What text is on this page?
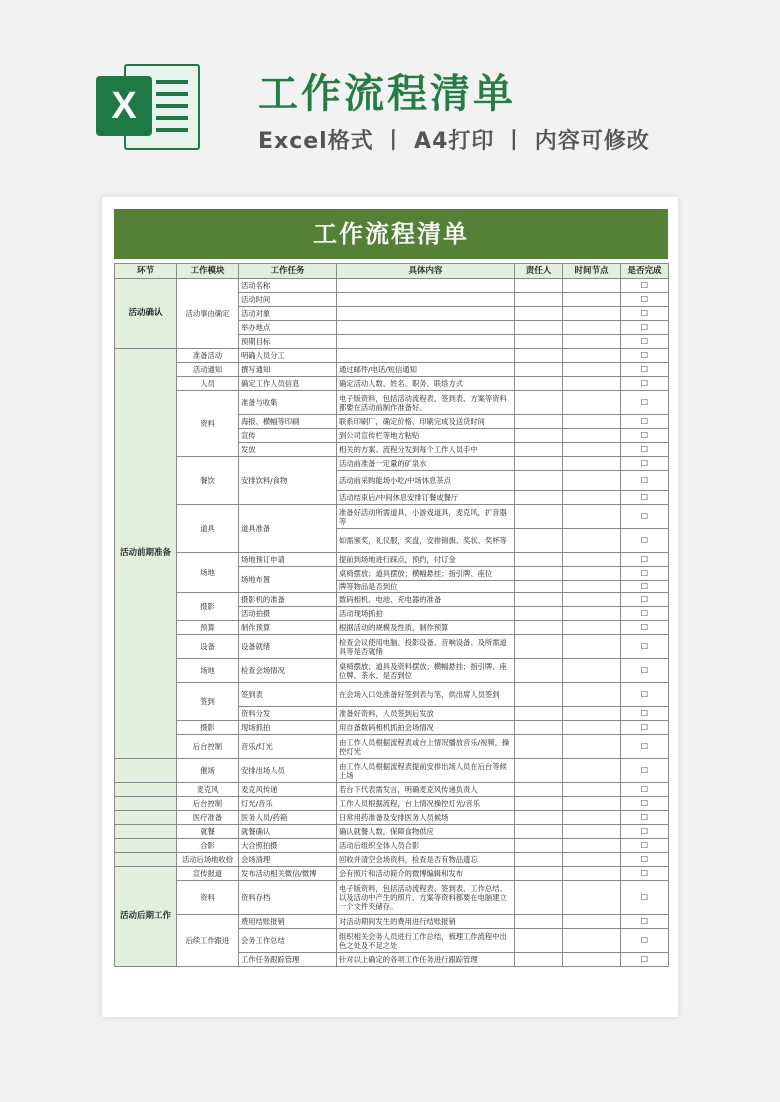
X	工作流程清单
Excel格式 丨 A4打印 丨 内容可修改
工作流程清单
环节	工作模块	工作任务	具体内容	责任人	时间节点	是否完成
活动确认	活动事由确定	活动名称				☐
		活动时间				☐
		活动对象				☐
		举办地点				☐
		预期目标				☐
活动前期准备	准备活动	明确人员分工				☐
	活动通知	撰写通知	通过邮件/电话/短信通知			☐
	人员	确定工作人员信息	确定活动人数、姓名、职务、联络方式			☐
	资料	准备与收集	电子版资料，包括活动流程表、签到表、方案等资料都要在活动前制作准备好。			☐
		海报、横幅等印刷	联系印刷厂，确定价格、印刷完成及送货时间			☐
		宣传	到公司宣传栏等地方粘贴			☐
		发放	相关的方案、流程分发到每个工作人员手中			☐
	餐饮	安排饮料/食物	活动前准备一定量的矿泉水			☐
			活动前采购能场小吃/中场休息茶点			☐
			活动结束后/中间休息安排订餐或餐厅			☐
	道具	道具准备	准备好活动所需道具，小游戏道具，麦克风，扩音器等			☐
			如需颁奖，礼仪服，奖盘，安排锦旗、奖状、奖杯等			☐
	场地	场地预订申请	提前到场地进行踩点，预约，付订金			☐
		场地布置	桌椅摆放；道具摆放；横幅悬挂；指引牌、座位			☐
			牌等物品是否到位			☐
	摄影	摄影机的准备	数码相机、电池、充电器的准备			☐
		活动拍摄	活动现场抓拍			☐
	预算	制作预算	根据活动的规模及性质，制作预算			☐
	设备	设备就绪	检查会议使用电脑、投影设备、音响设备、及所需道具等是否就绪			☐
	场地	检查会场情况	桌椅摆放；道具及资料摆放；横幅悬挂；指引牌、座位牌、茶水、是否到位			☐
	签到	签到表	在会场入口处准备好签到表与笔，供出席人员签到			☐
		资料分发	准备好资料，人员签到后发放			☐
	摄影	现场抓拍	用自备数码相机抓拍会场情况			☐
	后台控制	音乐/灯光	由工作人员根据流程表或台上情况播放音乐/视频，操控灯光			☐
	催场	安排出场人员	由工作人员根据流程表提前安排出场人员在后台等候上场			☐
	麦克风	麦克风传递	若台下代表需发言，明确麦克风传递负责人			☐
	后台控制	灯光/音乐	工作人员根据流程，台上情况操控灯光/音乐			☐
	医疗准备	医务人员/药箱	日常用药准备及安排医务人员候场			☐
	就餐	就餐确认	确认就餐人数，保障食物供应			☐
	合影	大合照拍摄	活动后组织全体人员合影			☐
	活动后场地收拾	会场清理	回收并清空会场资料，检查是否有物品遗忘			☐
活动后期工作	宣传报道	发布活动相关微信/微博	会有照片和活动简介的微博编辑和发布			☐
	资料	资料存档	电子版资料，包括活动流程表、签到表、工作总结、以及活动中产生的照片、方案等资料都要在电脑建立一个文件夹储存。			☐
	后续工作跟进	费用结账报销	对活动期间发生的费用进行结账报销			☐
		会务工作总结	组织相关会务人员进行工作总结，梳理工作流程中出色之处及不足之处			☐
		工作任务跟踪管理	针对以上确定的各项工作任务进行跟踪管理			☐
